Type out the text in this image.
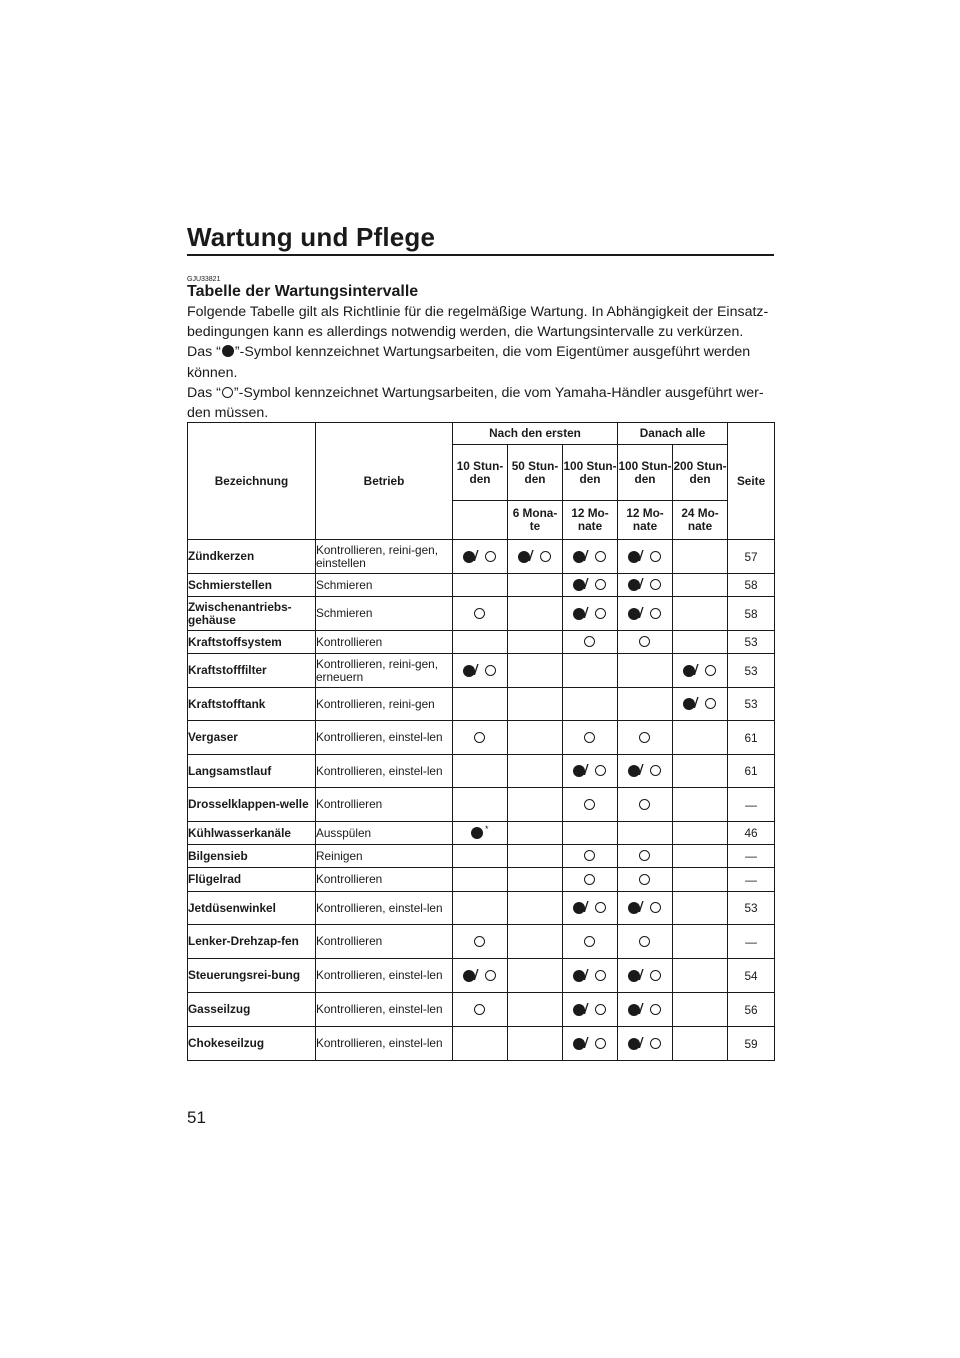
Wartung und Pflege
GJU33821
Tabelle der Wartungsintervalle

Folgende Tabelle gilt als Richtlinie für die regelmäßige Wartung. In Abhängigkeit der Einsatz-bedingungen kann es allerdings notwendig werden, die Wartungsintervalle zu verkürzen.

Das “ ”-Symbol kennzeichnet Wartungsarbeiten, die vom Eigentümer ausgeführt werden können.

Das “ ”-Symbol kennzeichnet Wartungsarbeiten, die vom Yamaha-Händler ausgeführt wer-den müssen.

Bezeichnung	Betrieb	Nach den ersten			Danach alle		Seite
		10 Stun-den	50 Stun-den	100 Stun-den	100 Stun-den	200 Stun-den	
			6 Mona-te	12 Mo-nate	12 Mo-nate	24 Mo-nate	
Zündkerzen	Kontrollieren, reini-gen, einstellen	/	/	/	/		57
Schmierstellen	Schmieren			/	/		58
Zwischenantriebs-gehäuse	Schmieren			/	/		58
Kraftstoffsystem	Kontrollieren						53
Kraftstofffilter	Kontrollieren, reini-gen, erneuern	/				/	53
Kraftstofftank	Kontrollieren, reini-gen					/	53
Vergaser	Kontrollieren, einstel-len						61
Langsamstlauf	Kontrollieren, einstel-len			/	/		61
Drosselklappen-welle	Kontrollieren						—
Kühlwasserkanäle	Ausspülen	*					46
Bilgensieb	Reinigen						—
Flügelrad	Kontrollieren						—
Jetdüsenwinkel	Kontrollieren, einstel-len			/	/		53
Lenker-Drehzap-fen	Kontrollieren						—
Steuerungsrei-bung	Kontrollieren, einstel-len	/		/	/		54
Gasseilzug	Kontrollieren, einstel-len			/	/		56
Chokeseilzug	Kontrollieren, einstel-len			/	/		59
51
